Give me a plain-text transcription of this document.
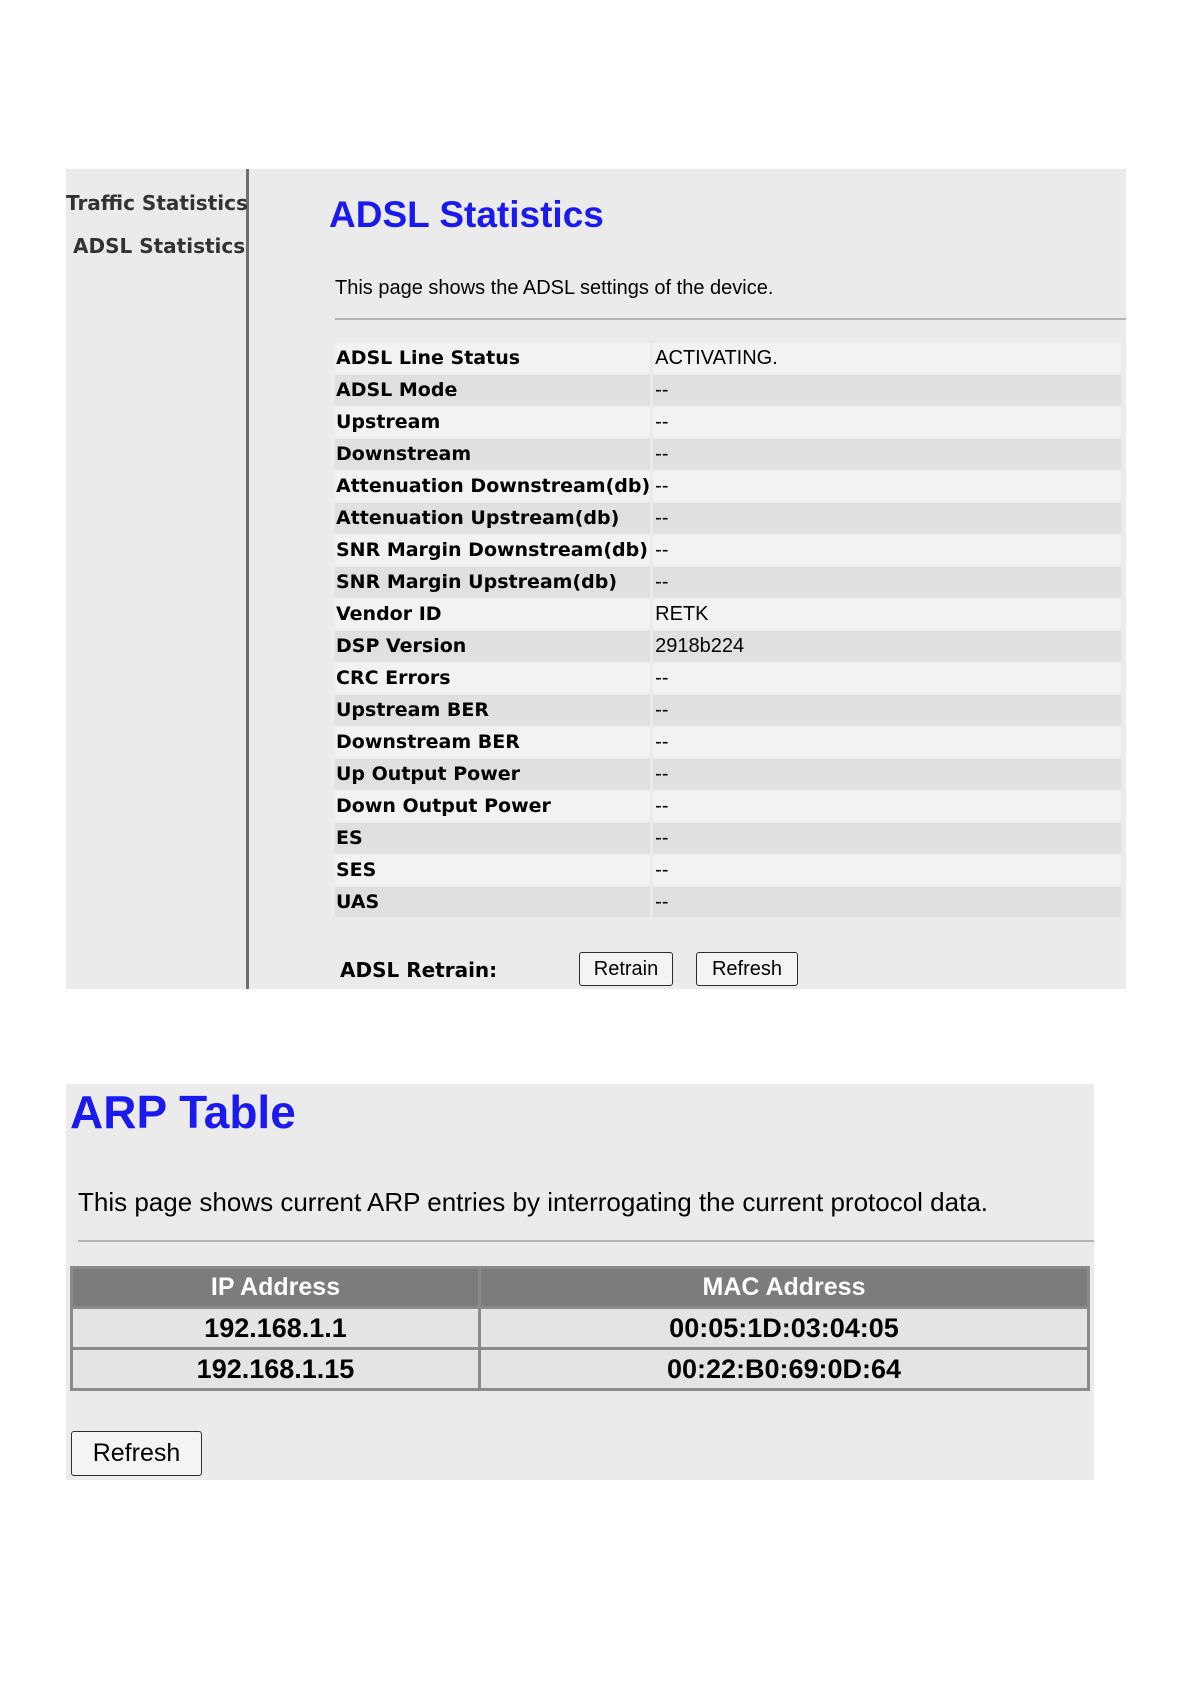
Traffic Statistics
ADSL Statistics
ADSL Statistics

This page shows the ADSL settings of the device.

ADSL Line Status	ACTIVATING.
ADSL Mode	--
Upstream	--
Downstream	--
Attenuation Downstream(db)	--
Attenuation Upstream(db)	--
SNR Margin Downstream(db)	--
SNR Margin Upstream(db)	--
Vendor ID	RETK
DSP Version	2918b224
CRC Errors	--
Upstream BER	--
Downstream BER	--
Up Output Power	--
Down Output Power	--
ES	--
SES	--
UAS	--
ADSL Retrain:	Retrain	Refresh
ARP Table

This page shows current ARP entries by interrogating the current protocol data.

IP Address	MAC Address
192.168.1.1	00:05:1D:03:04:05
192.168.1.15	00:22:B0:69:0D:64
Refresh
